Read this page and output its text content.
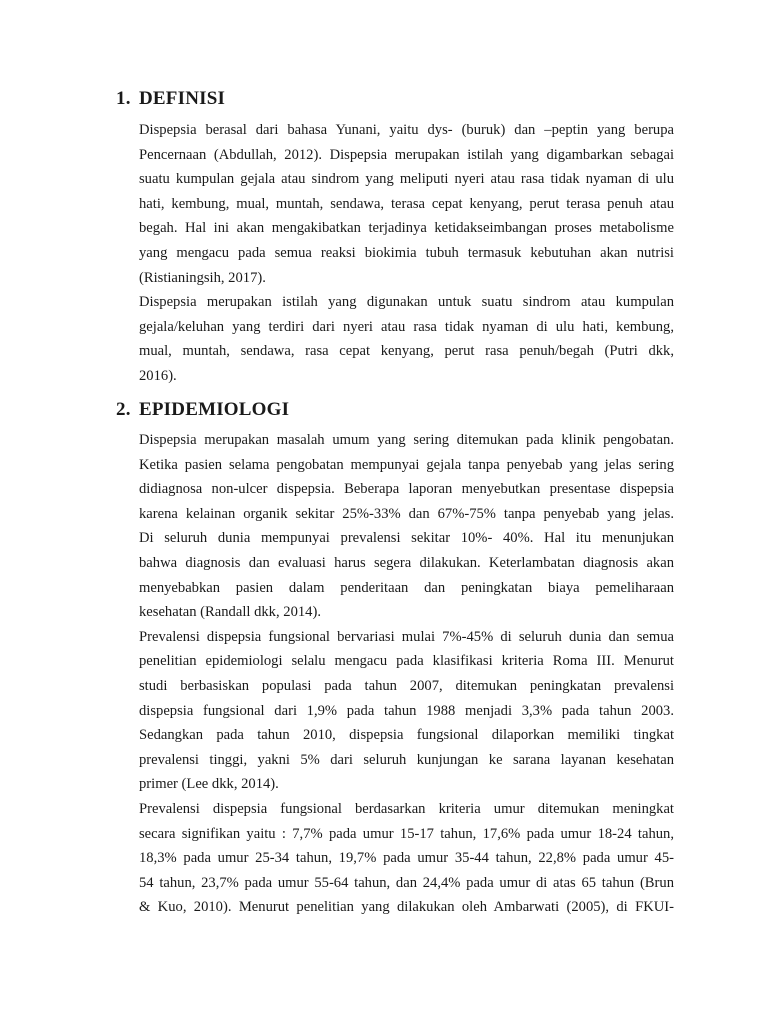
1. DEFINISI
Dispepsia berasal dari bahasa Yunani, yaitu dys- (buruk) dan –peptin yang berupa
Pencernaan (Abdullah, 2012). Dispepsia merupakan istilah yang digambarkan sebagai
suatu kumpulan gejala atau sindrom yang meliputi nyeri atau rasa tidak nyaman di ulu
hati, kembung, mual, muntah, sendawa, terasa cepat kenyang, perut terasa penuh atau
begah. Hal ini akan mengakibatkan terjadinya ketidakseimbangan proses metabolisme
yang mengacu pada semua reaksi biokimia tubuh termasuk kebutuhan akan nutrisi
(Ristianingsih, 2017).
Dispepsia merupakan istilah yang digunakan untuk suatu sindrom atau kumpulan
gejala/keluhan yang terdiri dari nyeri atau rasa tidak nyaman di ulu hati, kembung,
mual, muntah, sendawa, rasa cepat kenyang, perut rasa penuh/begah (Putri dkk,
2016).
2. EPIDEMIOLOGI
Dispepsia merupakan masalah umum yang sering ditemukan pada klinik pengobatan.
Ketika pasien selama pengobatan mempunyai gejala tanpa penyebab yang jelas sering
didiagnosa non-ulcer dispepsia. Beberapa laporan menyebutkan presentase dispepsia
karena kelainan organik sekitar 25%-33% dan 67%-75% tanpa penyebab yang jelas.
Di seluruh dunia mempunyai prevalensi sekitar 10%- 40%. Hal itu menunjukan
bahwa diagnosis dan evaluasi harus segera dilakukan. Keterlambatan diagnosis akan
menyebabkan pasien dalam penderitaan dan peningkatan biaya pemeliharaan
kesehatan (Randall dkk, 2014).
Prevalensi dispepsia fungsional bervariasi mulai 7%-45% di seluruh dunia dan semua
penelitian epidemiologi selalu mengacu pada klasifikasi kriteria Roma III. Menurut
studi berbasiskan populasi pada tahun 2007, ditemukan peningkatan prevalensi
dispepsia fungsional dari 1,9% pada tahun 1988 menjadi 3,3% pada tahun 2003.
Sedangkan pada tahun 2010, dispepsia fungsional dilaporkan memiliki tingkat
prevalensi tinggi, yakni 5% dari seluruh kunjungan ke sarana layanan kesehatan
primer (Lee dkk, 2014).
Prevalensi dispepsia fungsional berdasarkan kriteria umur ditemukan meningkat
secara signifikan yaitu : 7,7% pada umur 15-17 tahun, 17,6% pada umur 18-24 tahun,
18,3% pada umur 25-34 tahun, 19,7% pada umur 35-44 tahun, 22,8% pada umur 45-
54 tahun, 23,7% pada umur 55-64 tahun, dan 24,4% pada umur di atas 65 tahun (Brun
& Kuo, 2010). Menurut penelitian yang dilakukan oleh Ambarwati (2005), di FKUI-
